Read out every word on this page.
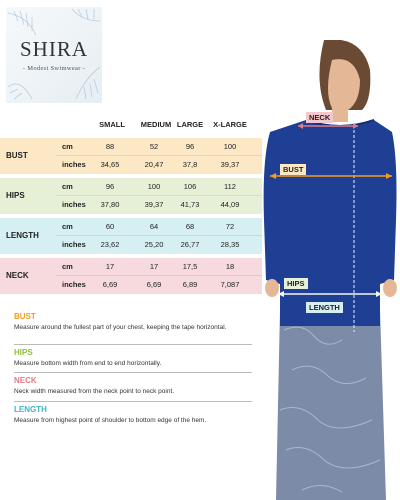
SHIRA
- Modest Swimwear -
SMALL	MEDIUM LARGE	X-LARGE
BUST
cm	88	52	96	100
inches	34,65	20,47	37,8	39,37
HIPS
cm	96	100	106	112
inches	37,80	39,37	41,73	44,09
LENGTH
cm	60	64	68	72
inches	23,62	25,20	26,77	28,35
NECK
cm	17	17	17,5	18
inches	6,69	6,69	6,89	7,087
BUST
Measure around the fullest part of your chest, keeping the tape horizontal.
HIPS
Measure bottom width from end to end horizontally.
NECK
Neck width measured from the neck point to neck point.
LENGTH
Measure from highest point of shoulder to bottom edge of the hem.
NECK
BUST
HIPS
LENGTH
